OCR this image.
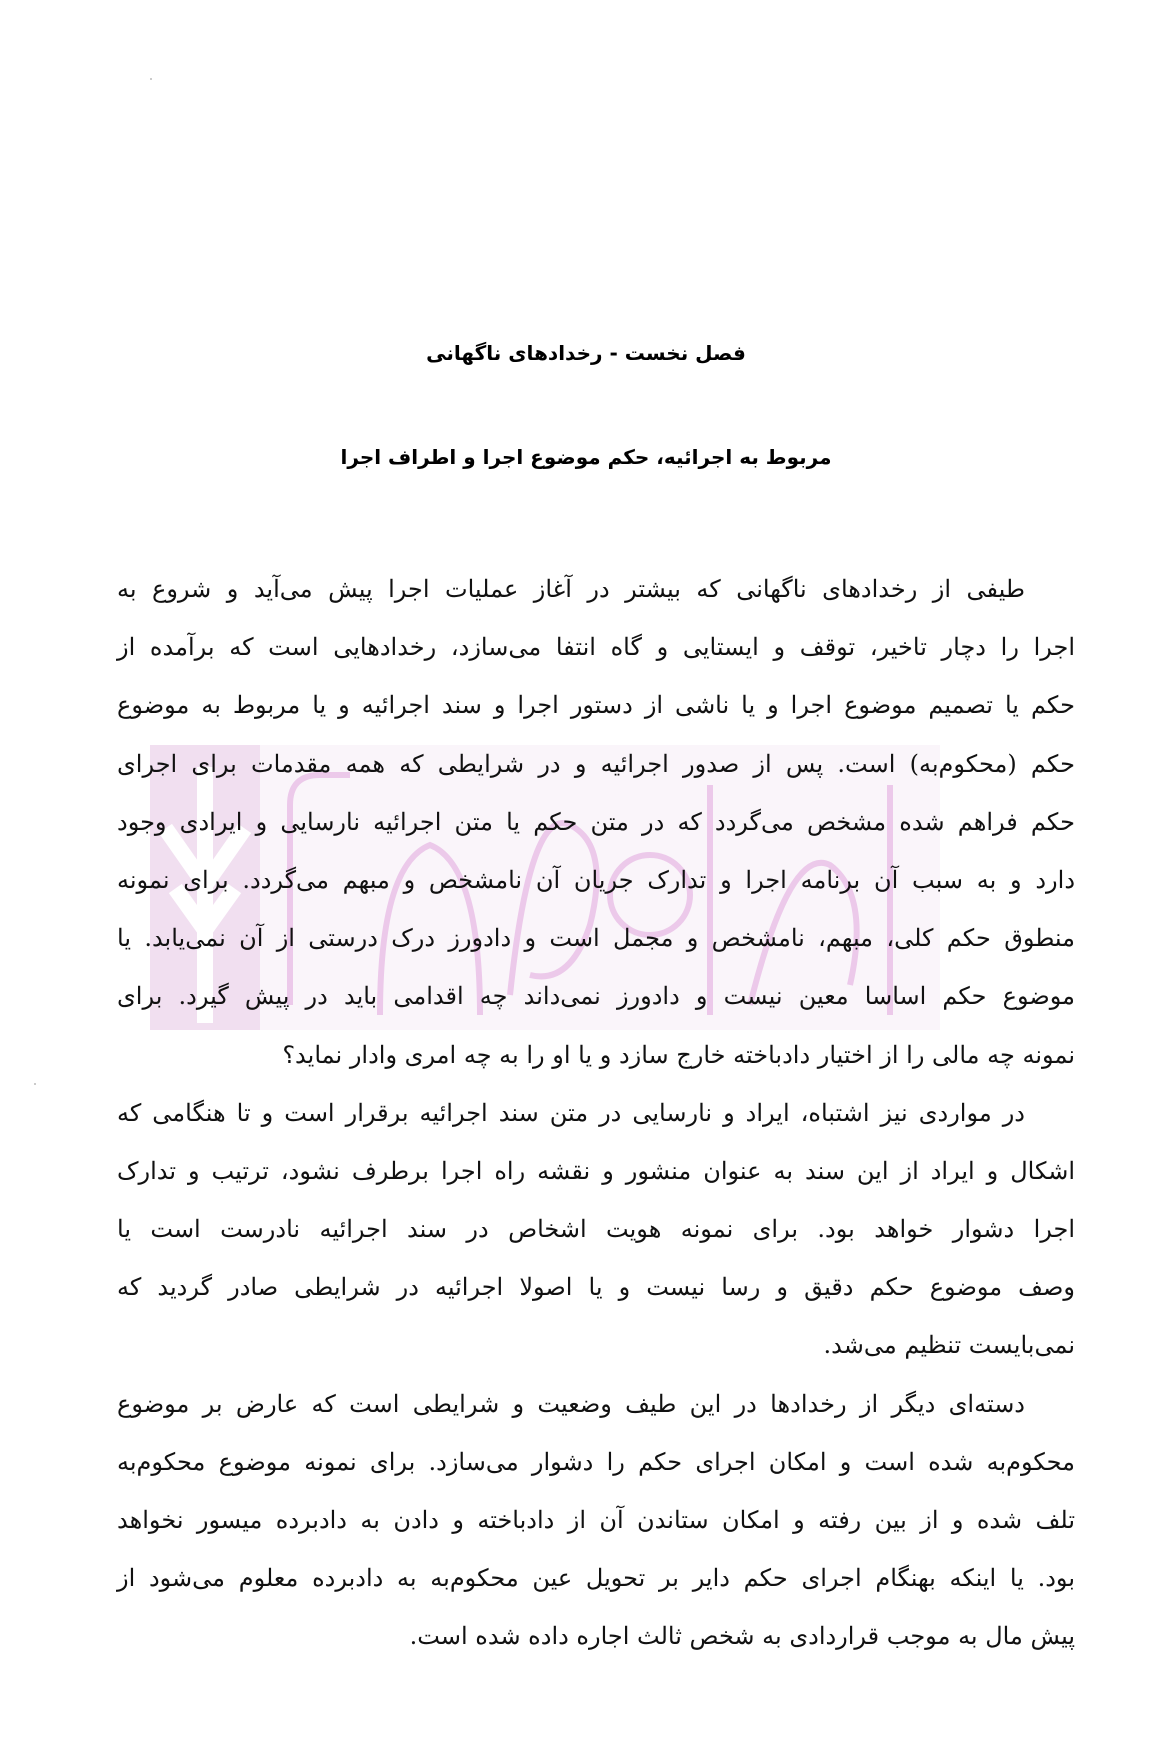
فصل نخست - رخدادهای ناگهانی
مربوط به اجرائیه، حکم موضوع اجرا و اطراف اجرا
طیفی از رخدادهای ناگهانی که بیشتر در آغاز عملیات اجرا پیش می‌آید و شروع به
اجرا را دچار تاخیر، توقف و ایستایی و گاه انتفا می‌سازد، رخدادهایی است که برآمده از
حکم یا تصمیم موضوع اجرا و یا ناشی از دستور اجرا و سند اجرائیه و یا مربوط به موضوع
حکم (محکوم‌به) است. پس از صدور اجرائیه و در شرایطی که همه مقدمات برای اجرای
حکم فراهم شده مشخص می‌گردد که در متن حکم یا متن اجرائیه نارسایی و ایرادی وجود
دارد و به سبب آن برنامه اجرا و تدارک جریان آن نامشخص و مبهم می‌گردد. برای نمونه
منطوق حکم کلی، مبهم، نامشخص و مجمل است و دادورز درک درستی از آن نمی‌یابد. یا
موضوع حکم اساسا معین نیست و دادورز نمی‌داند چه اقدامی باید در پیش گیرد. برای
نمونه چه مالی را از اختیار دادباخته خارج سازد و یا او را به چه امری وادار نماید؟
در مواردی نیز اشتباه، ایراد و نارسایی در متن سند اجرائیه برقرار است و تا هنگامی که
اشکال و ایراد از این سند به عنوان منشور و نقشه راه اجرا برطرف نشود، ترتیب و تدارک
اجرا دشوار خواهد بود. برای نمونه هویت اشخاص در سند اجرائیه نادرست است یا
وصف موضوع حکم دقیق و رسا نیست و یا اصولا اجرائیه در شرایطی صادر گردید که
نمی‌بایست تنظیم می‌شد.
دسته‌ای دیگر از رخدادها در این طیف وضعیت و شرایطی است که عارض بر موضوع
محکوم‌به شده است و امکان اجرای حکم را دشوار می‌سازد. برای نمونه موضوع محکوم‌به
تلف شده و از بین رفته و امکان ستاندن آن از دادباخته و دادن به دادبرده میسور نخواهد
بود. یا اینکه بهنگام اجرای حکم دایر بر تحویل عین محکوم‌به به دادبرده معلوم می‌شود از
پیش مال به موجب قراردادی به شخص ثالث اجاره داده شده است.
